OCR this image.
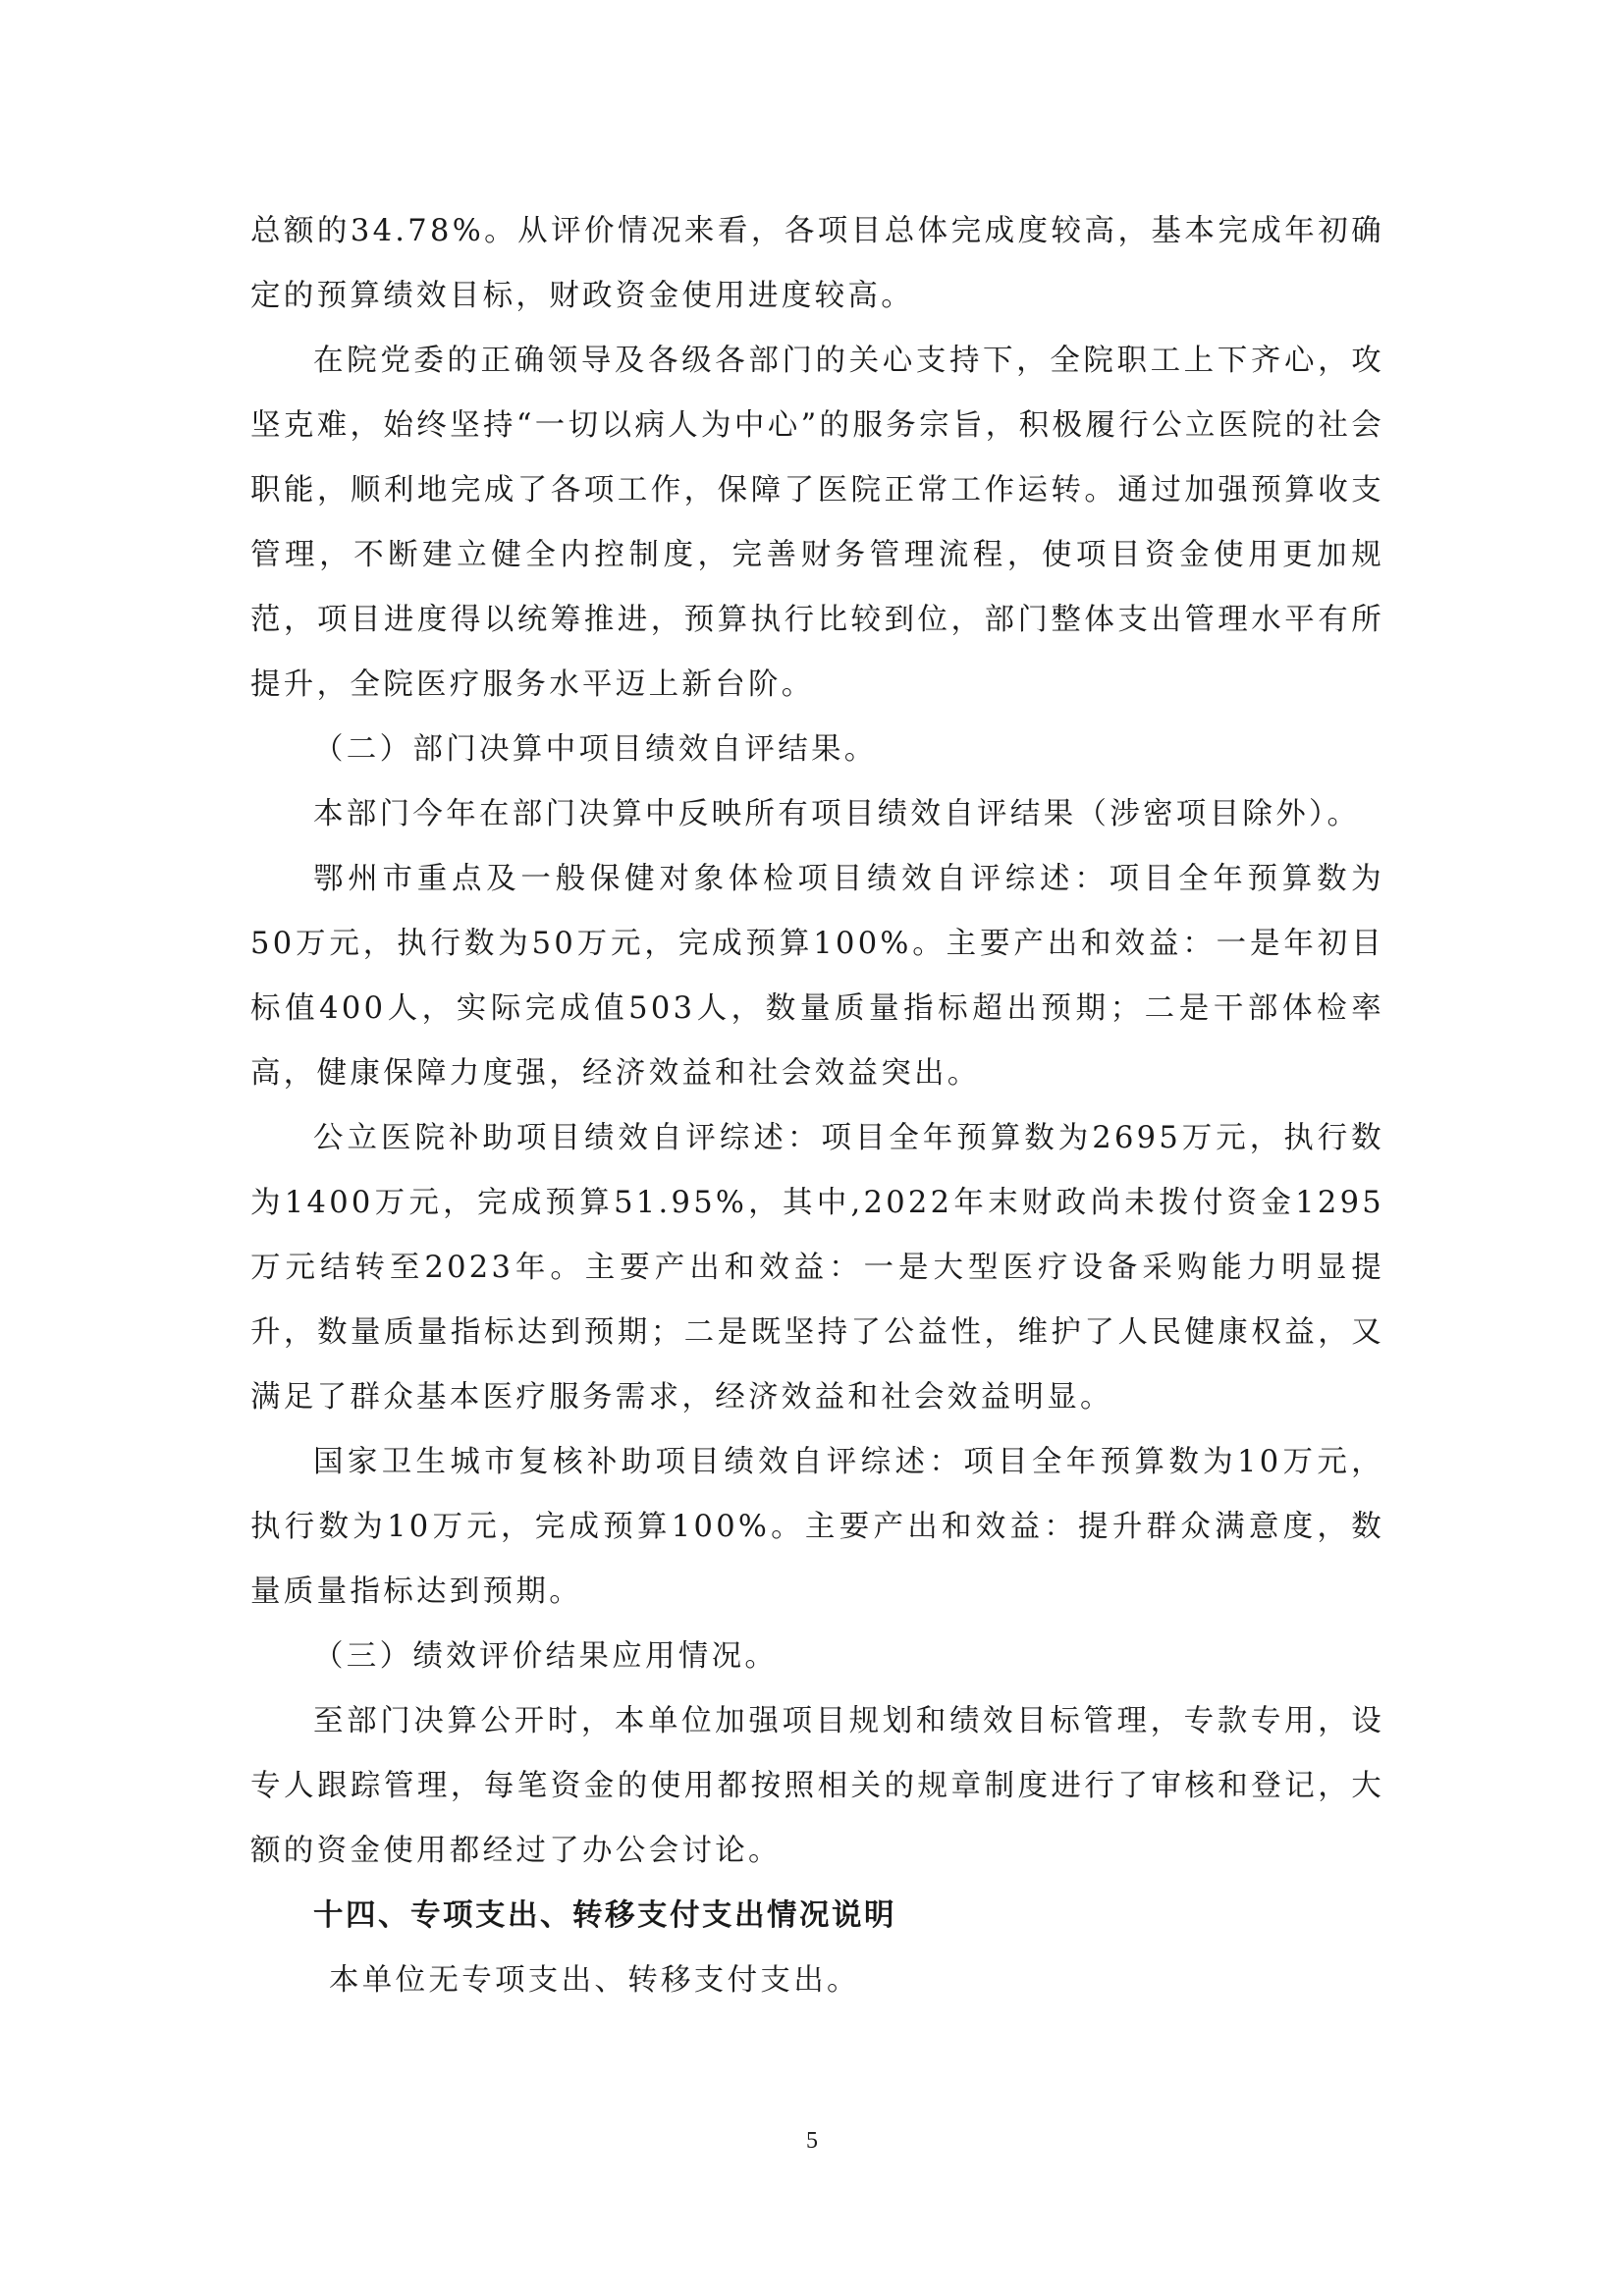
总额的34.78%。从评价情况来看，各项目总体完成度较高，基本完成年初确定的预算绩效目标，财政资金使用进度较高。

在院党委的正确领导及各级各部门的关心支持下，全院职工上下齐心，攻坚克难，始终坚持“一切以病人为中心”的服务宗旨，积极履行公立医院的社会职能，顺利地完成了各项工作，保障了医院正常工作运转。通过加强预算收支管理，不断建立健全内控制度，完善财务管理流程，使项目资金使用更加规范，项目进度得以统筹推进，预算执行比较到位，部门整体支出管理水平有所提升，全院医疗服务水平迈上新台阶。

（二）部门决算中项目绩效自评结果。

本部门今年在部门决算中反映所有项目绩效自评结果（涉密项目除外）。

鄂州市重点及一般保健对象体检项目绩效自评综述：项目全年预算数为50万元，执行数为50万元，完成预算100%。主要产出和效益：一是年初目标值400人，实际完成值503人，数量质量指标超出预期；二是干部体检率高，健康保障力度强，经济效益和社会效益突出。

公立医院补助项目绩效自评综述：项目全年预算数为2695万元，执行数为1400万元，完成预算51.95%，其中,2022年末财政尚未拨付资金1295万元结转至2023年。主要产出和效益：一是大型医疗设备采购能力明显提升，数量质量指标达到预期；二是既坚持了公益性，维护了人民健康权益，又满足了群众基本医疗服务需求，经济效益和社会效益明显。

国家卫生城市复核补助项目绩效自评综述：项目全年预算数为10万元，执行数为10万元，完成预算100%。主要产出和效益：提升群众满意度，数量质量指标达到预期。

（三）绩效评价结果应用情况。

至部门决算公开时，本单位加强项目规划和绩效目标管理，专款专用，设专人跟踪管理，每笔资金的使用都按照相关的规章制度进行了审核和登记，大额的资金使用都经过了办公会讨论。

十四、专项支出、转移支付支出情况说明

本单位无专项支出、转移支付支出。

5
